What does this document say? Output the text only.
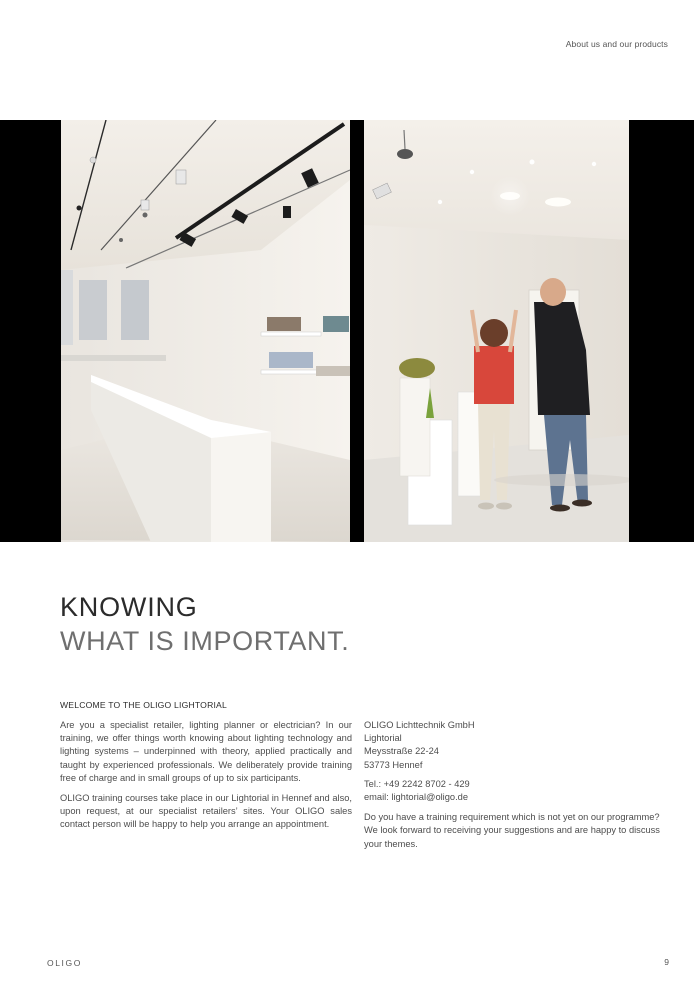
About us and our products
KNOWING
WHAT IS IMPORTANT.
WELCOME TO THE OLIGO LIGHTORIAL

Are you a specialist retailer, lighting planner or electrician? In our training, we offer things worth knowing about lighting technology and lighting systems – underpinned with theory, applied practically and taught by experienced professionals. We deliberately provide training free of charge and in small groups of up to six participants.

OLIGO training courses take place in our Lightorial in Hennef and also, upon request, at our specialist retailers’ sites. Your OLIGO sales contact person will be happy to help you arrange an appointment.

OLIGO Lichttechnik GmbH
Lightorial
Meysstraße 22-24
53773 Hennef
Tel.: +49 2242 8702 - 429
email: lightorial@oligo.de

Do you have a training requirement which is not yet on our programme? We look forward to receiving your suggestions and are happy to discuss your themes.

OLIGO	9
